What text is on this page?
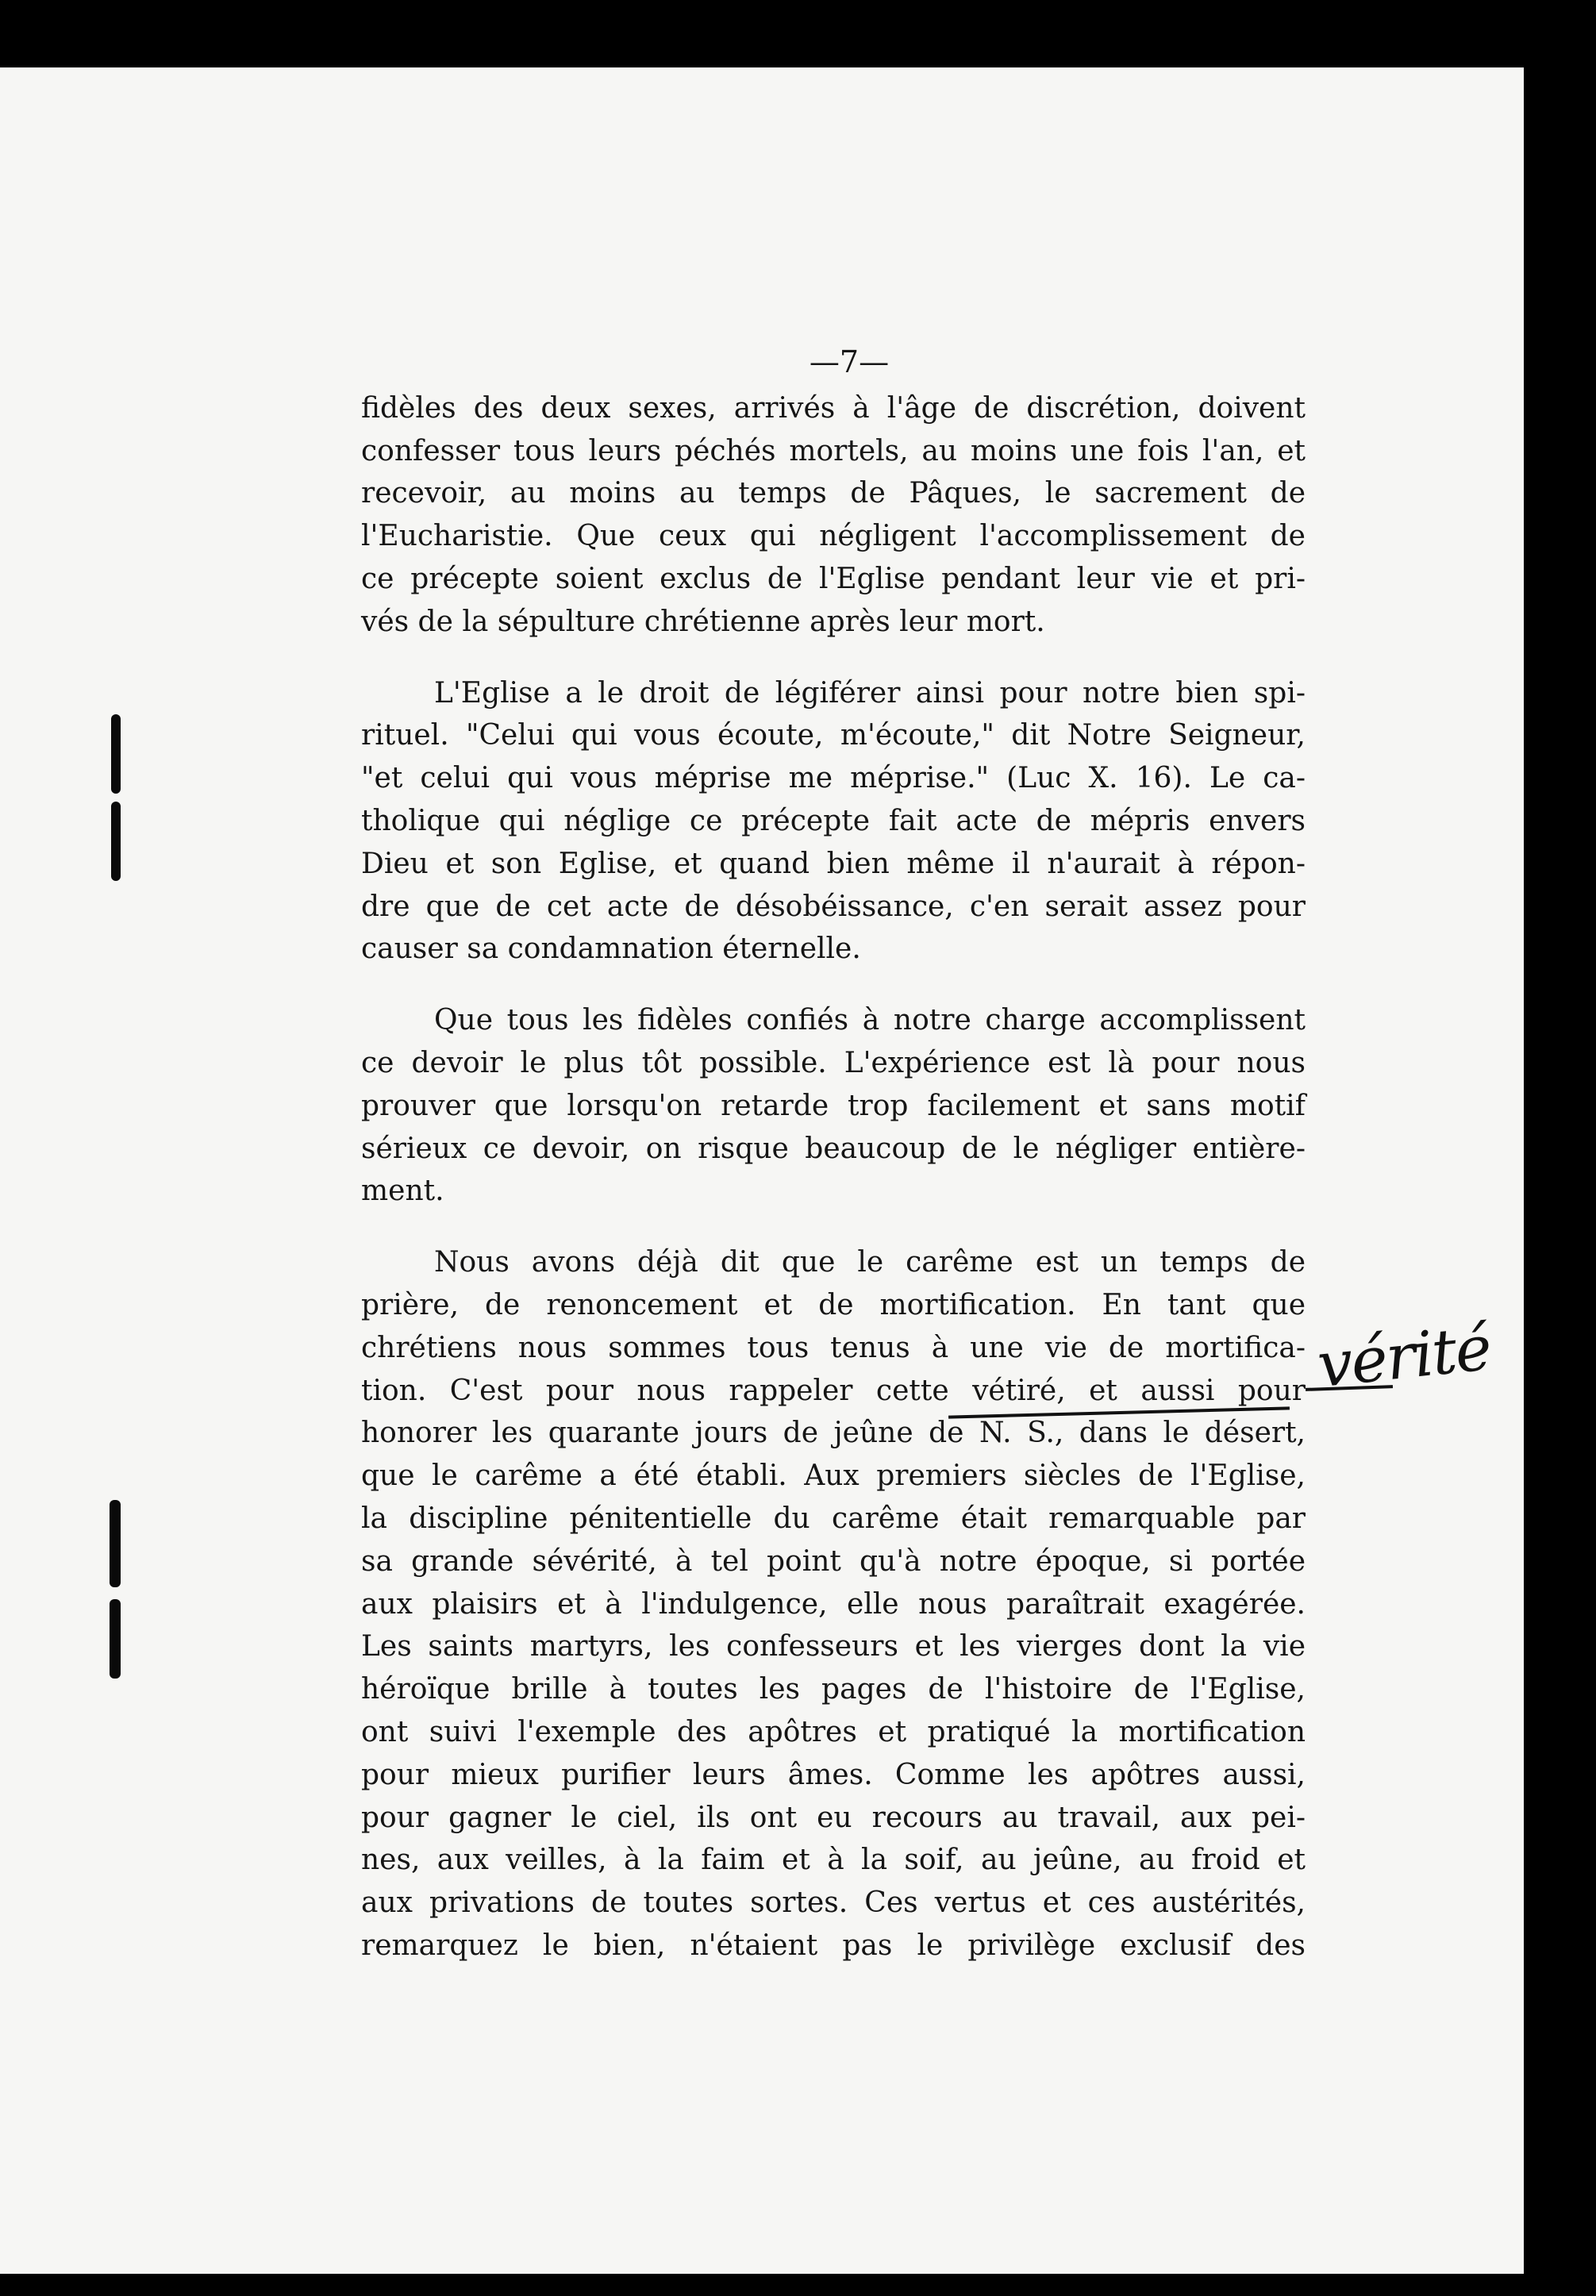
—7—
fidèles des deux sexes, arrivés à l'âge de discrétion, doivent
confesser tous leurs péchés mortels, au moins une fois l'an, et
recevoir, au moins au temps de Pâques, le sacrement de
l'Eucharistie. Que ceux qui négligent l'accomplissement de
ce précepte soient exclus de l'Eglise pendant leur vie et pri-
vés de la sépulture chrétienne après leur mort.
L'Eglise a le droit de légiférer ainsi pour notre bien spi-
rituel. "Celui qui vous écoute, m'écoute," dit Notre Seigneur,
"et celui qui vous méprise me méprise." (Luc X. 16). Le ca-
tholique qui néglige ce précepte fait acte de mépris envers
Dieu et son Eglise, et quand bien même il n'aurait à répon-
dre que de cet acte de désobéissance, c'en serait assez pour
causer sa condamnation éternelle.
Que tous les fidèles confiés à notre charge accomplissent
ce devoir le plus tôt possible. L'expérience est là pour nous
prouver que lorsqu'on retarde trop facilement et sans motif
sérieux ce devoir, on risque beaucoup de le négliger entière-
ment.
Nous avons déjà dit que le carême est un temps de
prière, de renoncement et de mortification. En tant que
chrétiens nous sommes tous tenus à une vie de mortifica-
tion. C'est pour nous rappeler cette vétiré, et aussi pour
honorer les quarante jours de jeûne de N. S., dans le désert,
que le carême a été établi. Aux premiers siècles de l'Eglise,
la discipline pénitentielle du carême était remarquable par
sa grande sévérité, à tel point qu'à notre époque, si portée
aux plaisirs et à l'indulgence, elle nous paraîtrait exagérée.
Les saints martyrs, les confesseurs et les vierges dont la vie
héroïque brille à toutes les pages de l'histoire de l'Eglise,
ont suivi l'exemple des apôtres et pratiqué la mortification
pour mieux purifier leurs âmes. Comme les apôtres aussi,
pour gagner le ciel, ils ont eu recours au travail, aux pei-
nes, aux veilles, à la faim et à la soif, au jeûne, au froid et
aux privations de toutes sortes. Ces vertus et ces austérités,
remarquez le bien, n'étaient pas le privilège exclusif des
vérité
